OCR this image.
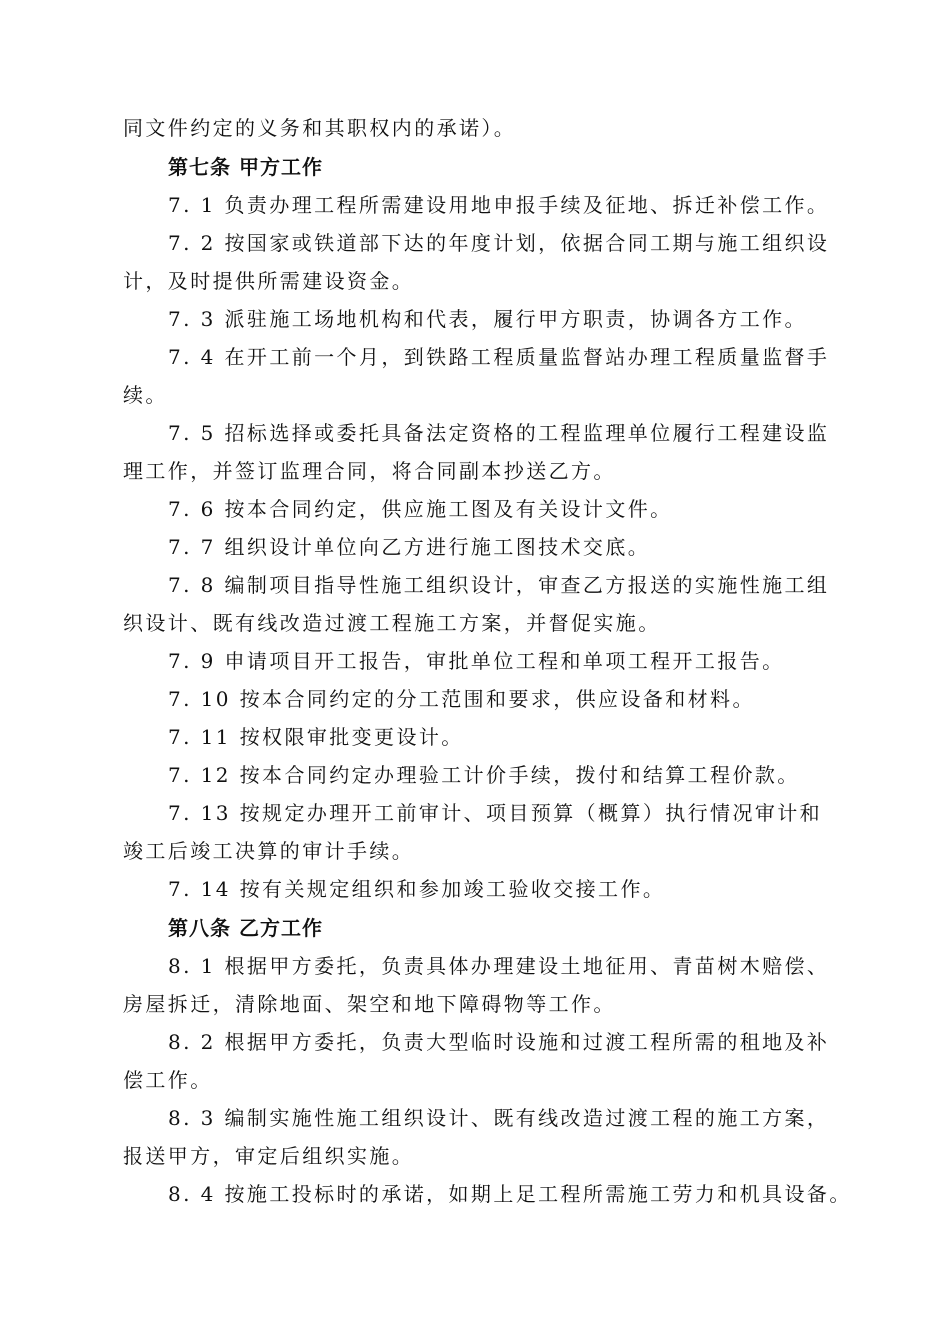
同文件约定的义务和其职权内的承诺）。
第七条 甲方工作
7. 1 负责办理工程所需建设用地申报手续及征地、拆迁补偿工作。
7. 2 按国家或铁道部下达的年度计划，依据合同工期与施工组织设
计，及时提供所需建设资金。
7. 3 派驻施工场地机构和代表，履行甲方职责，协调各方工作。
7. 4 在开工前一个月，到铁路工程质量监督站办理工程质量监督手
续。
7. 5 招标选择或委托具备法定资格的工程监理单位履行工程建设监
理工作，并签订监理合同，将合同副本抄送乙方。
7. 6 按本合同约定，供应施工图及有关设计文件。
7. 7 组织设计单位向乙方进行施工图技术交底。
7. 8 编制项目指导性施工组织设计，审查乙方报送的实施性施工组
织设计、既有线改造过渡工程施工方案，并督促实施。
7. 9 申请项目开工报告，审批单位工程和单项工程开工报告。
7. 10 按本合同约定的分工范围和要求，供应设备和材料。
7. 11 按权限审批变更设计。
7. 12 按本合同约定办理验工计价手续，拨付和结算工程价款。
7. 13 按规定办理开工前审计、项目预算（概算）执行情况审计和
竣工后竣工决算的审计手续。
7. 14 按有关规定组织和参加竣工验收交接工作。
第八条 乙方工作
8. 1 根据甲方委托，负责具体办理建设土地征用、青苗树木赔偿、
房屋拆迁，清除地面、架空和地下障碍物等工作。
8. 2 根据甲方委托，负责大型临时设施和过渡工程所需的租地及补
偿工作。
8. 3 编制实施性施工组织设计、既有线改造过渡工程的施工方案，
报送甲方，审定后组织实施。
8. 4 按施工投标时的承诺，如期上足工程所需施工劳力和机具设备。
